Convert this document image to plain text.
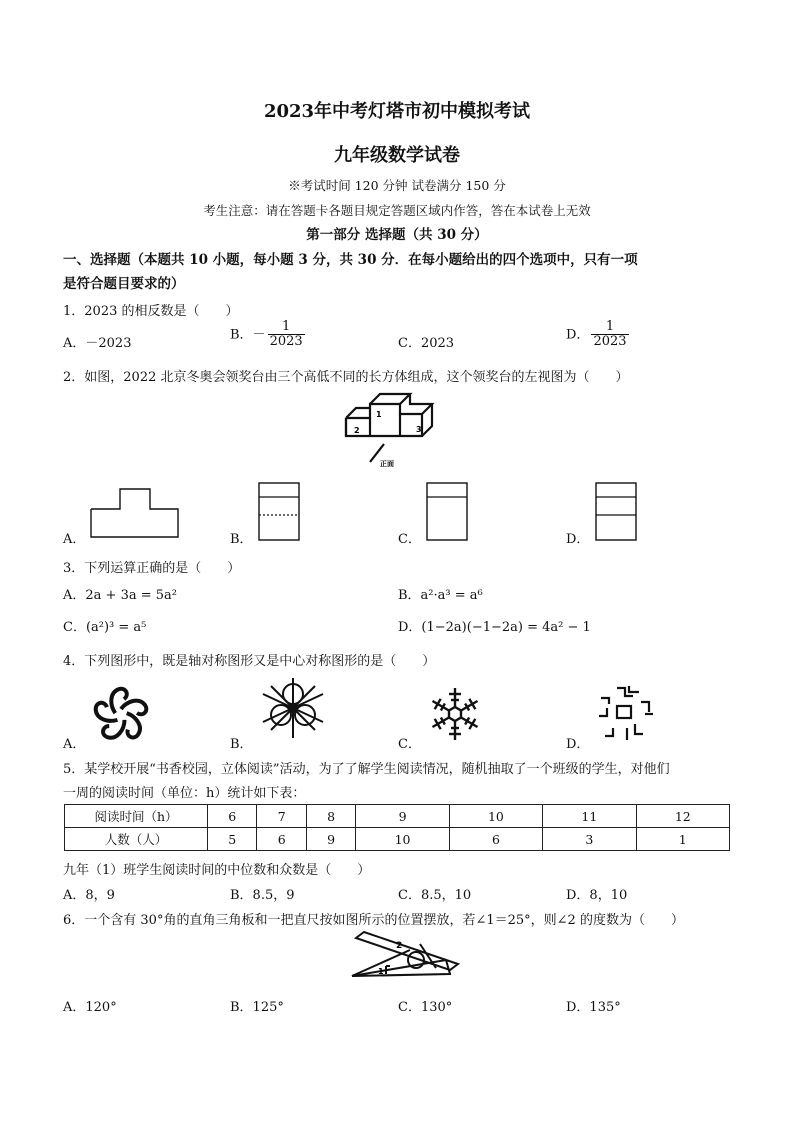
2023年中考灯塔市初中模拟考试
九年级数学试卷
※考试时间 120 分钟 试卷满分 150 分
考生注意：请在答题卡各题目规定答题区域内作答，答在本试卷上无效
第一部分 选择题（共 30 分）
一、选择题（本题共 10 小题，每小题 3 分，共 30 分．在每小题给出的四个选项中，只有一项
是符合题目要求的）
1．2023 的相反数是（　　）
A．－2023
B．－ $\frac{1}{2023}$	C．2023
D． $\frac{1}{2023}$
2．如图，2022 北京冬奥会领奖台由三个高低不同的长方体组成，这个领奖台的左视图为（　　）
1
2	3
正面
A．	B．	C．	D．
3．下列运算正确的是（　　）
A．2a + 3a = 5a²	B．a²·a³ = a⁶
C．(a²)³ = a⁵	D．(1−2a)(−1−2a) = 4a² − 1
4．下列图形中，既是轴对称图形又是中心对称图形的是（　　）
A．	B．	C．	D．
5．某学校开展“书香校园，立体阅读”活动，为了了解学生阅读情况，随机抽取了一个班级的学生，对他们
一周的阅读时间（单位：h）统计如下表：
阅读时间（h）	6	7	8	9	10	11	12
人数（人）	5	6	9	10	6	3	1
九年（1）班学生阅读时间的中位数和众数是（　　）
A．8，9	B．8.5，9	C．8.5，10	D．8，10
6．一个含有 30°角的直角三角板和一把直尺按如图所示的位置摆放，若∠1＝25°，则∠2 的度数为（　　）
2
1
A．120°	B．125°	C．130°	D．135°
